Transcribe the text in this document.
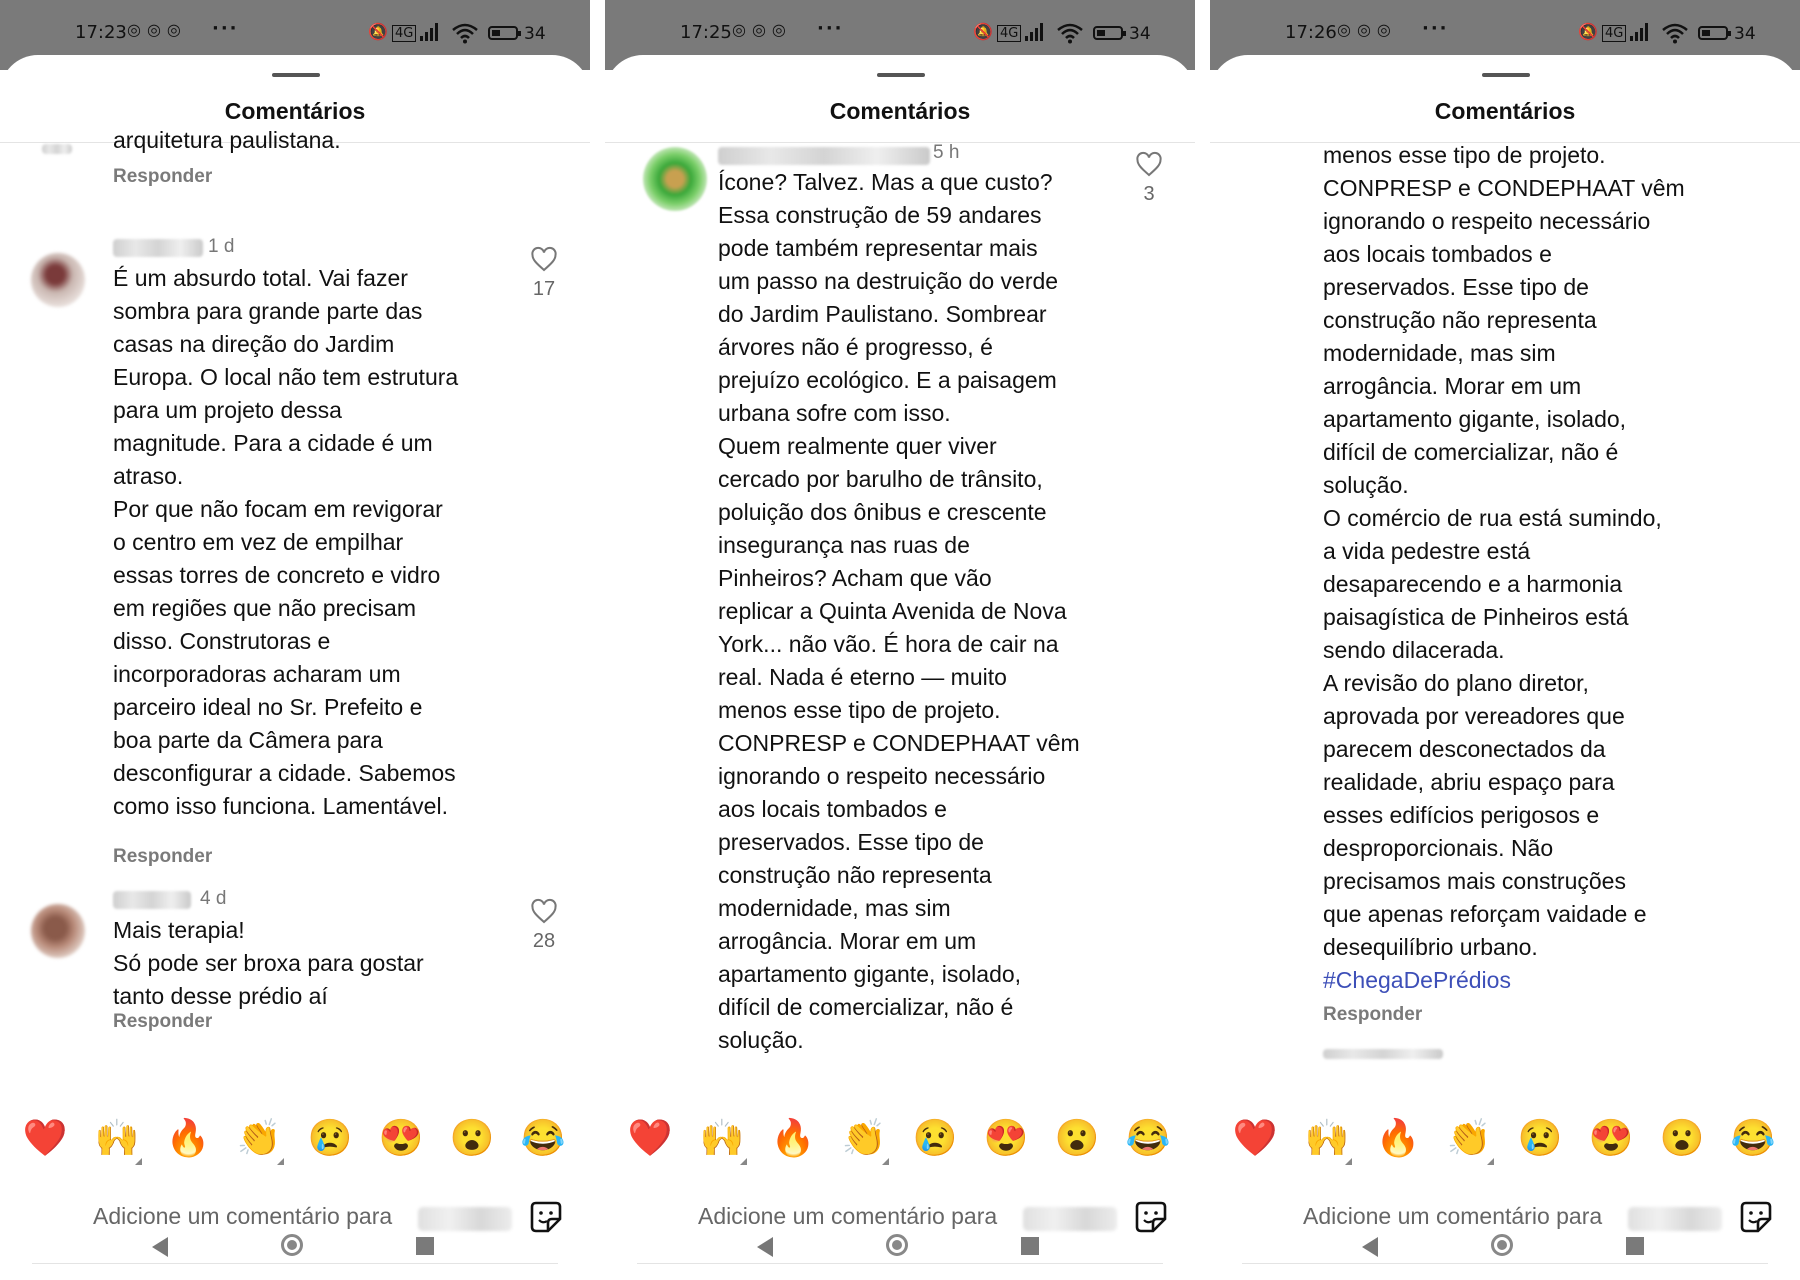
17:23 ◎◎◎ ···	🔕 4G	34
Comentários
arquitetura paulistana.
Responder
1 d
É um absurdo total. Vai fazer
sombra para grande parte das
casas na direção do Jardim
Europa. O local não tem estrutura
para um projeto dessa
magnitude. Para a cidade é um
atraso.
Por que não focam em revigorar
o centro em vez de empilhar
essas torres de concreto e vidro
em regiões que não precisam
disso. Construtoras e
incorporadoras acharam um
parceiro ideal no Sr. Prefeito e
boa parte da Câmera para
desconfigurar a cidade. Sabemos
como isso funciona. Lamentável.
Responder
17
4 d
Mais terapia!
Só pode ser broxa para gostar
tanto desse prédio aí
Responder
28
❤️ 🙌 🔥 👏 😢 😍 😮 😂
Adicione um comentário para
17:25 ◎◎◎ ···	🔕 4G	34
Comentários
5 h
Ícone? Talvez. Mas a que custo?
Essa construção de 59 andares
pode também representar mais
um passo na destruição do verde
do Jardim Paulistano. Sombrear
árvores não é progresso, é
prejuízo ecológico. E a paisagem
urbana sofre com isso.
Quem realmente quer viver
cercado por barulho de trânsito,
poluição dos ônibus e crescente
insegurança nas ruas de
Pinheiros? Acham que vão
replicar a Quinta Avenida de Nova
York... não vão. É hora de cair na
real. Nada é eterno — muito
menos esse tipo de projeto.
CONPRESP e CONDEPHAAT vêm
ignorando o respeito necessário
aos locais tombados e
preservados. Esse tipo de
construção não representa
modernidade, mas sim
arrogância. Morar em um
apartamento gigante, isolado,
difícil de comercializar, não é
solução.
3
❤️ 🙌 🔥 👏 😢 😍 😮 😂
Adicione um comentário para
17:26 ◎◎◎ ···	🔕 4G	34
Comentários
menos esse tipo de projeto.
CONPRESP e CONDEPHAAT vêm
ignorando o respeito necessário
aos locais tombados e
preservados. Esse tipo de
construção não representa
modernidade, mas sim
arrogância. Morar em um
apartamento gigante, isolado,
difícil de comercializar, não é
solução.
O comércio de rua está sumindo,
a vida pedestre está
desaparecendo e a harmonia
paisagística de Pinheiros está
sendo dilacerada.
A revisão do plano diretor,
aprovada por vereadores que
parecem desconectados da
realidade, abriu espaço para
esses edifícios perigosos e
desproporcionais. Não
precisamos mais construções
que apenas reforçam vaidade e
desequilíbrio urbano.
#ChegaDePrédios
Responder
❤️ 🙌 🔥 👏 😢 😍 😮 😂
Adicione um comentário para
